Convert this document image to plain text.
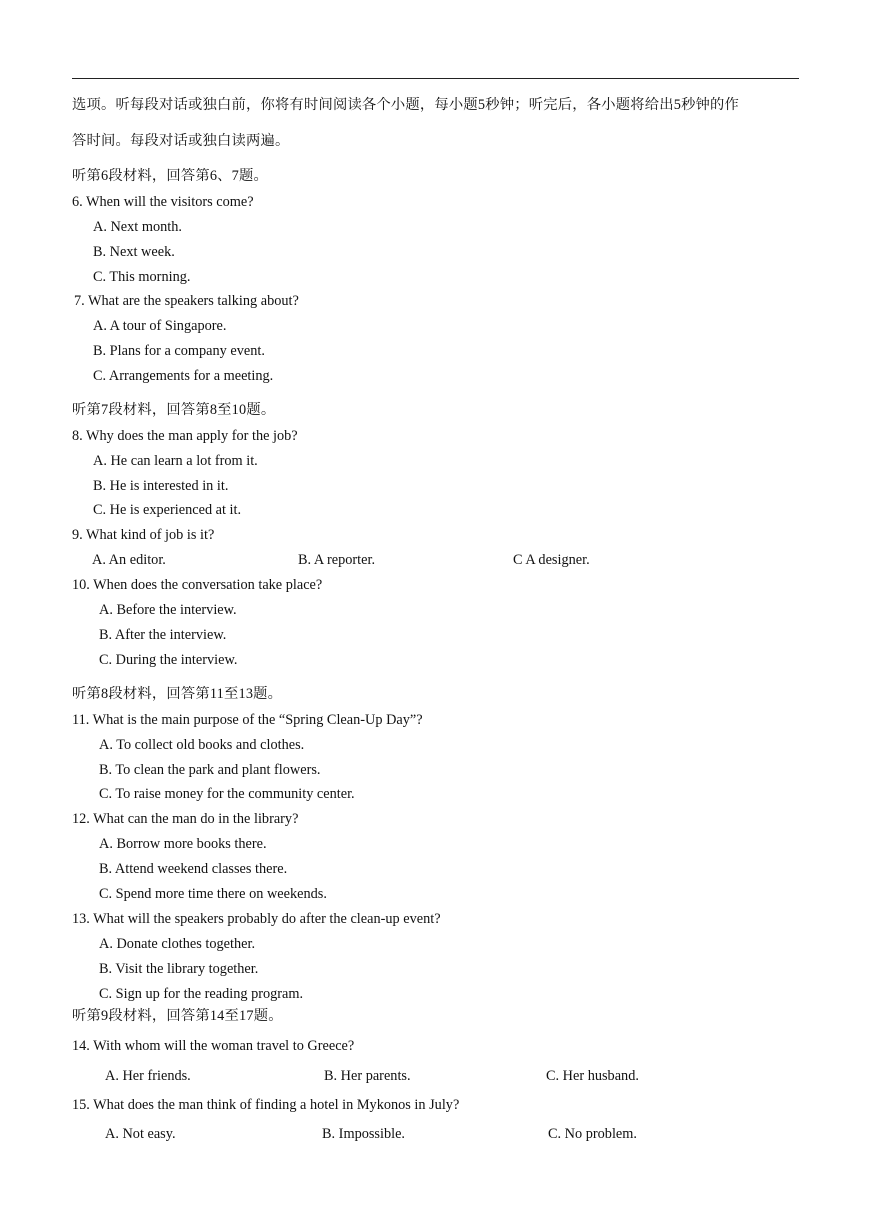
选项。听每段对话或独白前，你将有时间阅读各个小题，每小题5秒钟；听完后，各小题将给出5秒钟的作
答时间。每段对话或独白读两遍。
听第6段材料，回答第6、7题。
6. When will the visitors come?
A. Next month.
B. Next week.
C. This morning.
7. What are the speakers talking about?
A. A tour of Singapore.
B. Plans for a company event.
C. Arrangements for a meeting.
听第7段材料，回答第8至10题。
8. Why does the man apply for the job?
A. He can learn a lot from it.
B. He is interested in it.
C. He is experienced at it.
9. What kind of job is it?
A. An editor.	B. A reporter.	C A designer.
10. When does the conversation take place?
A. Before the interview.
B. After the interview.
C. During the interview.
听第8段材料，回答第11至13题。
11. What is the main purpose of the “Spring Clean-Up Day”?
A. To collect old books and clothes.
B. To clean the park and plant flowers.
C. To raise money for the community center.
12. What can the man do in the library?
A. Borrow more books there.
B. Attend weekend classes there.
C. Spend more time there on weekends.
13. What will the speakers probably do after the clean-up event?
A. Donate clothes together.
B. Visit the library together.
C. Sign up for the reading program.
听第9段材料，回答第14至17题。
14. With whom will the woman travel to Greece?
A. Her friends.	B. Her parents.	C. Her husband.
15. What does the man think of finding a hotel in Mykonos in July?
A. Not easy.	B. Impossible.	C. No problem.
